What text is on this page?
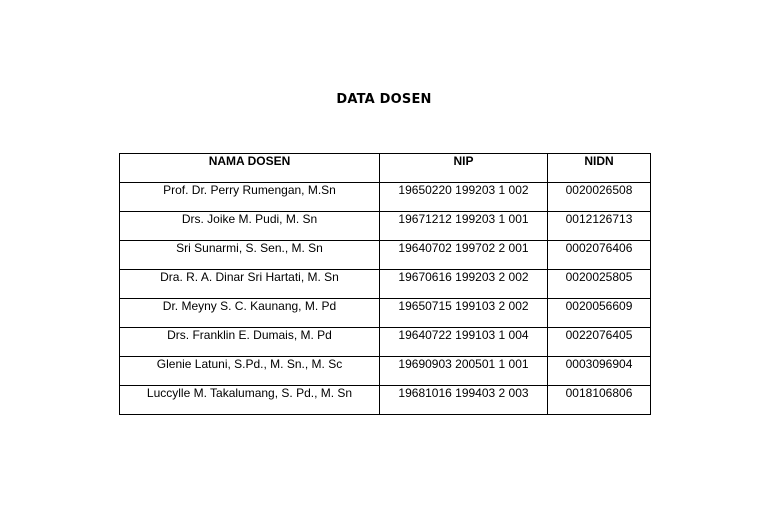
DATA DOSEN
NAMA DOSEN	NIP	NIDN
Prof. Dr. Perry Rumengan, M.Sn	19650220 199203 1 002	0020026508
Drs. Joike M. Pudi, M. Sn	19671212 199203 1 001	0012126713
Sri Sunarmi, S. Sen., M. Sn	19640702 199702 2 001	0002076406
Dra. R. A. Dinar Sri Hartati, M. Sn	19670616 199203 2 002	0020025805
Dr. Meyny S. C. Kaunang, M. Pd	19650715 199103 2 002	0020056609
Drs. Franklin E. Dumais, M. Pd	19640722 199103 1 004	0022076405
Glenie Latuni, S.Pd., M. Sn., M. Sc	19690903 200501 1 001	0003096904
Luccylle M. Takalumang, S. Pd., M. Sn	19681016 199403 2 003	0018106806
